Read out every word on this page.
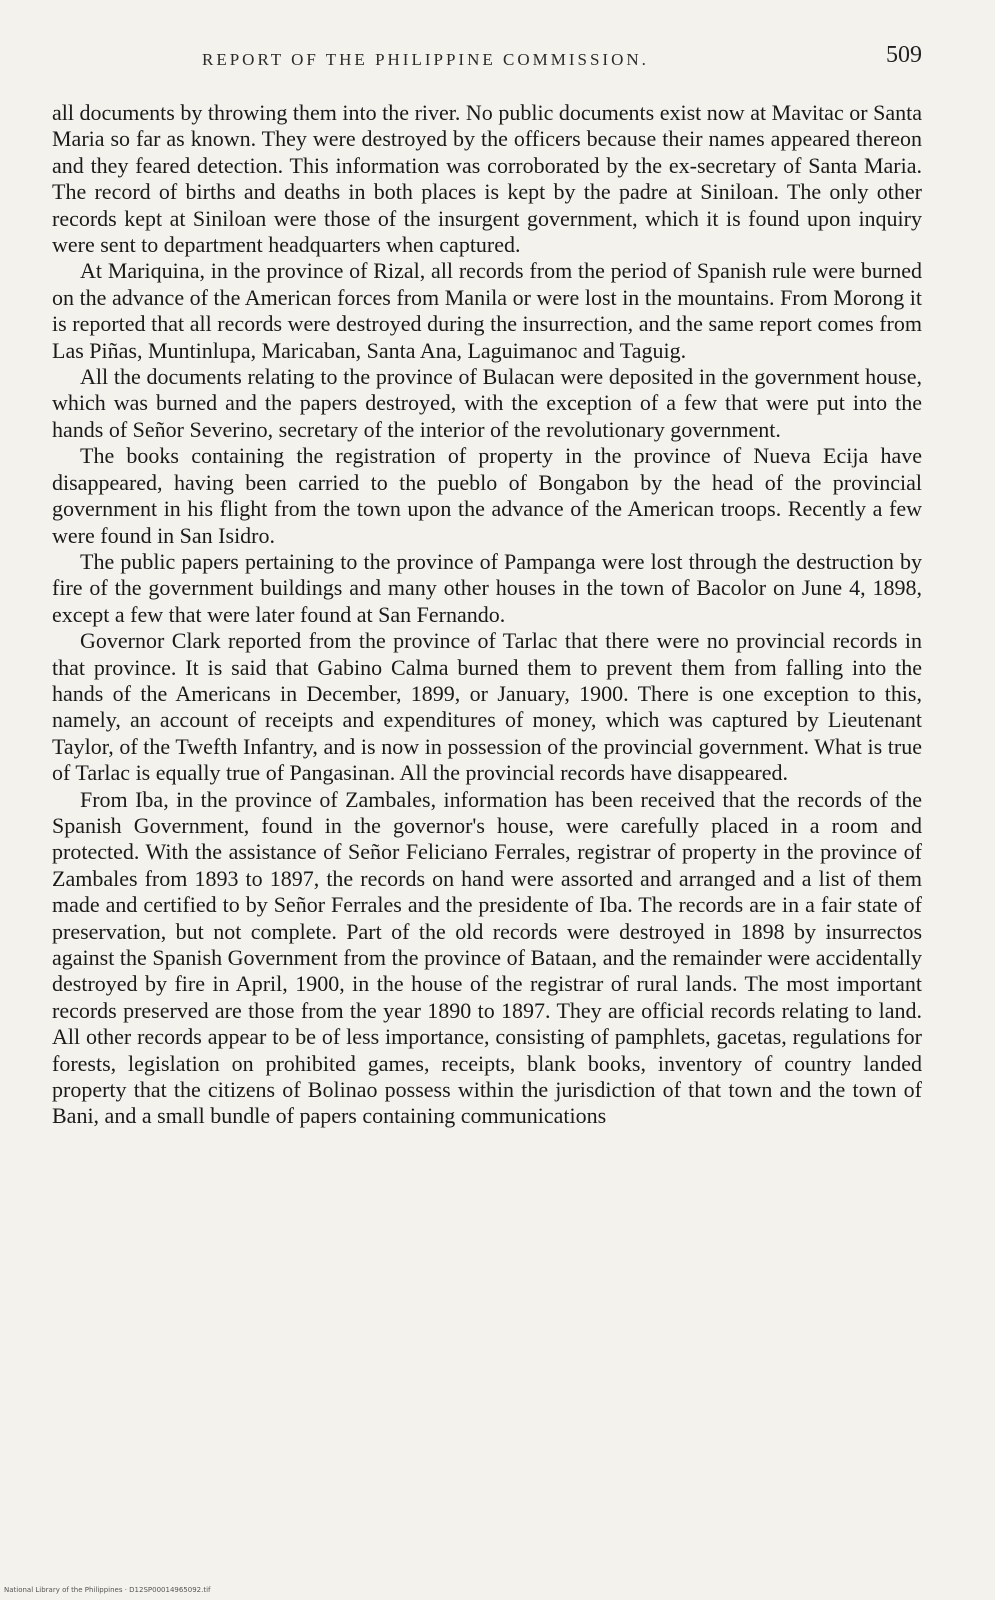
REPORT OF THE PHILIPPINE COMMISSION.	509

all documents by throwing them into the river. No public documents exist now at Mavitac or Santa Maria so far as known. They were destroyed by the officers because their names appeared thereon and they feared detection. This information was corroborated by the ex-secretary of Santa Maria. The record of births and deaths in both places is kept by the padre at Siniloan. The only other records kept at Siniloan were those of the insurgent government, which it is found upon inquiry were sent to department headquarters when captured.

At Mariquina, in the province of Rizal, all records from the period of Spanish rule were burned on the advance of the American forces from Manila or were lost in the mountains. From Morong it is reported that all records were destroyed during the insurrection, and the same report comes from Las Piñas, Muntinlupa, Maricaban, Santa Ana, Laguimanoc and Taguig.

All the documents relating to the province of Bulacan were deposited in the government house, which was burned and the papers destroyed, with the exception of a few that were put into the hands of Señor Severino, secretary of the interior of the revolutionary government.

The books containing the registration of property in the province of Nueva Ecija have disappeared, having been carried to the pueblo of Bongabon by the head of the provincial government in his flight from the town upon the advance of the American troops. Recently a few were found in San Isidro.

The public papers pertaining to the province of Pampanga were lost through the destruction by fire of the government buildings and many other houses in the town of Bacolor on June 4, 1898, except a few that were later found at San Fernando.

Governor Clark reported from the province of Tarlac that there were no provincial records in that province. It is said that Gabino Calma burned them to prevent them from falling into the hands of the Americans in December, 1899, or January, 1900. There is one exception to this, namely, an account of receipts and expenditures of money, which was captured by Lieutenant Taylor, of the Twefth Infantry, and is now in possession of the provincial government. What is true of Tarlac is equally true of Pangasinan. All the provincial records have disappeared.

From Iba, in the province of Zambales, information has been received that the records of the Spanish Government, found in the governor's house, were carefully placed in a room and protected. With the assistance of Señor Feliciano Ferrales, registrar of property in the province of Zambales from 1893 to 1897, the records on hand were assorted and arranged and a list of them made and certified to by Señor Ferrales and the presidente of Iba. The records are in a fair state of preservation, but not complete. Part of the old records were destroyed in 1898 by insurrectos against the Spanish Government from the province of Bataan, and the remainder were accidentally destroyed by fire in April, 1900, in the house of the registrar of rural lands. The most important records preserved are those from the year 1890 to 1897. They are official records relating to land. All other records appear to be of less importance, consisting of pamphlets, gacetas, regulations for forests, legislation on prohibited games, receipts, blank books, inventory of country landed property that the citizens of Bolinao possess within the jurisdiction of that town and the town of Bani, and a small bundle of papers containing communications

National Library of the Philippines · D12SP00014965092.tif
